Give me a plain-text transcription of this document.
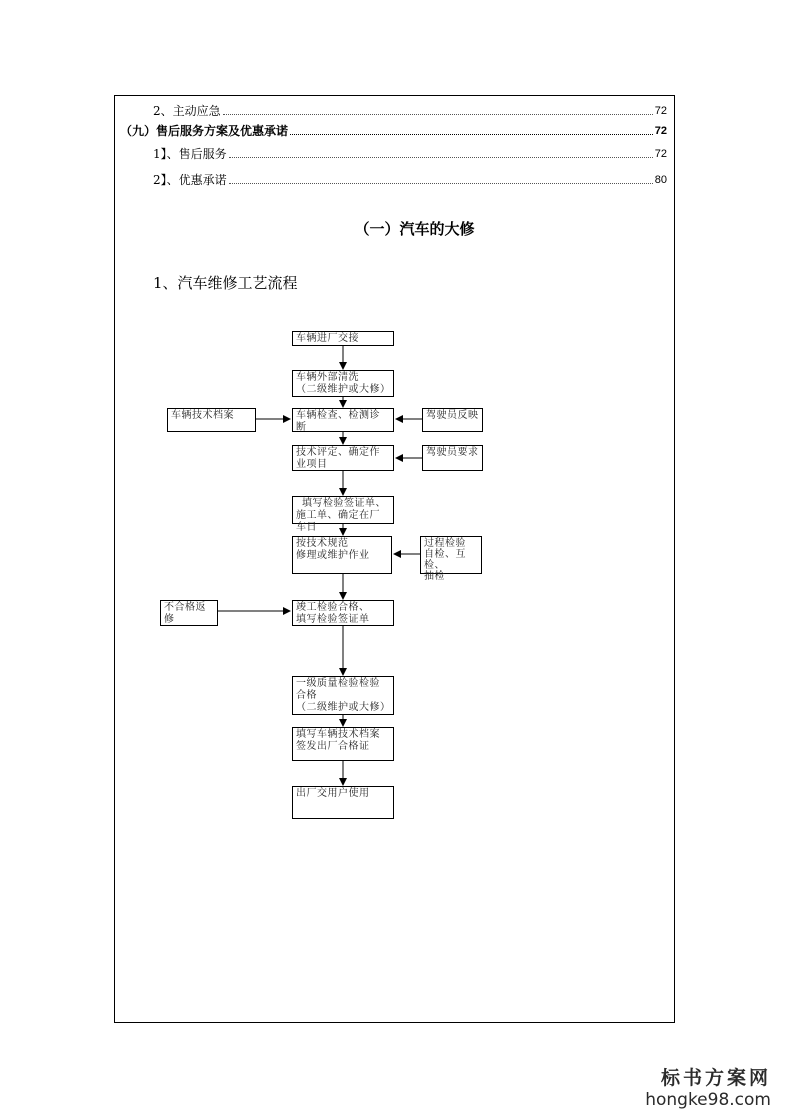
2、主动应急	72
（九）售后服务方案及优惠承诺	72
1】、售后服务	72
2】、优惠承诺	80
（一）汽车的大修
1、汽车维修工艺流程
车辆进厂交接
车辆外部清洗
（二级维护或大修）
车辆检查、检测诊断
技术评定、确定作业项目
填写检验签证单、施工单、确定在厂车日
按技术规范
修理或维护作业
竣工检验合格、
填写检验签证单
一级质量检验检验合格
（二级维护或大修）
填写车辆技术档案
签发出厂合格证
出厂交用户使用
车辆技术档案	驾驶员反映
驾驶员要求
过程检验
自检、互检、
抽检
不合格返修
标书方案网
hongke98.com
